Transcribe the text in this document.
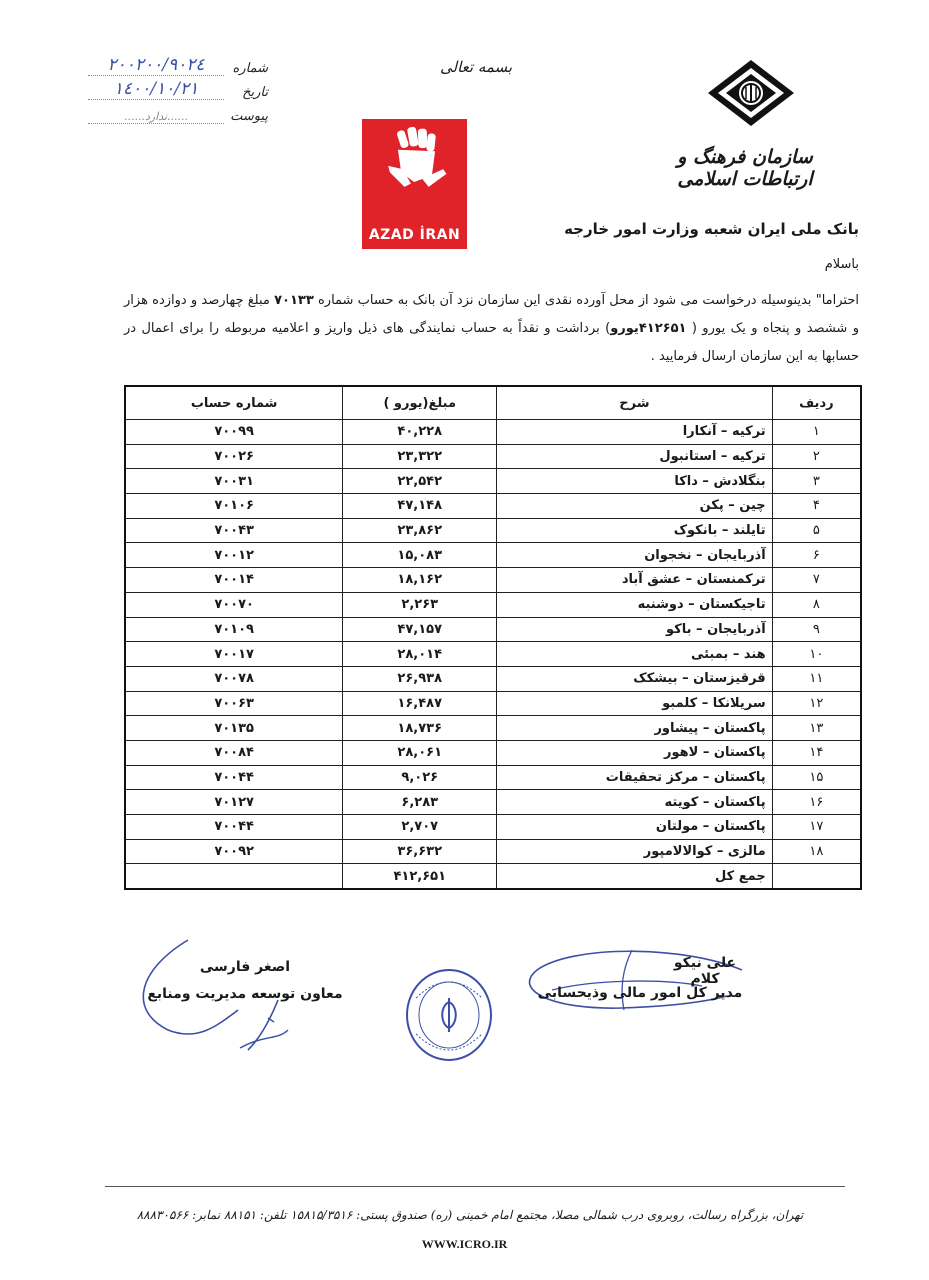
شماره
۲۰۰۲۰۰/۹۰۲٤
تاریخ
۱٤۰۰/۱۰/۲۱
پیوست
......ندارد......
بسمه تعالی
سازمان فرهنگ و ارتباطات اسلامی
AZAD İRAN	بانک ملی ایران شعبه وزارت امور خارجه
باسلام
احتراما" بدینوسیله درخواست می شود از محل آورده نقدی این سازمان نزد آن بانک به حساب شماره ۷۰۱۳۳ مبلغ چهارصد و دوازده هزار و ششصد و پنجاه و یک یورو ( ۴۱۲۶۵۱یورو) برداشت و نقداً به حساب نمایندگی های ذیل واریز و اعلامیه مربوطه را برای اعمال در حسابها به این سازمان ارسال فرمایید .
ردیف	شرح	مبلغ(یورو )	شماره حساب
۱	ترکیه – آنکارا	۴۰,۲۲۸	۷۰۰۹۹
۲	ترکیه – استانبول	۲۳,۳۲۲	۷۰۰۲۶
۳	بنگلادش – داکا	۲۲,۵۴۲	۷۰۰۳۱
۴	چین – پکن	۴۷,۱۴۸	۷۰۱۰۶
۵	تایلند – بانکوک	۲۳,۸۶۲	۷۰۰۴۳
۶	آذربایجان – نخجوان	۱۵,۰۸۳	۷۰۰۱۲
۷	ترکمنستان – عشق آباد	۱۸,۱۶۲	۷۰۰۱۴
۸	تاجیکستان – دوشنبه	۲,۲۶۳	۷۰۰۷۰
۹	آذربایجان – باکو	۴۷,۱۵۷	۷۰۱۰۹
۱۰	هند – بمبئی	۲۸,۰۱۴	۷۰۰۱۷
۱۱	قرقیزستان – بیشکک	۲۶,۹۳۸	۷۰۰۷۸
۱۲	سریلانکا – کلمبو	۱۶,۴۸۷	۷۰۰۶۳
۱۳	پاکستان – پیشاور	۱۸,۷۳۶	۷۰۱۳۵
۱۴	پاکستان – لاهور	۲۸,۰۶۱	۷۰۰۸۴
۱۵	پاکستان – مرکز تحقیقات	۹,۰۲۶	۷۰۰۴۴
۱۶	پاکستان – کویته	۶,۲۸۳	۷۰۱۲۷
۱۷	پاکستان – مولتان	۲,۷۰۷	۷۰۰۴۴
۱۸	مالزی – کوالالامپور	۳۶,۶۳۲	۷۰۰۹۲
	جمع کل	۴۱۲,۶۵۱	
اصغر فارسی
معاون توسعه مدیریت ومنابع
علی نیکو کلام
مدیر کل امور مالی وذیحسابی
تهران، بزرگراه رسالت، روبروی درب شمالی مصلا، مجتمع امام خمینی (ره) صندوق پستی: ۱۵۸۱۵/۳۵۱۶ تلفن: ۸۸۱۵۱ نمابر: ۸۸۸۳۰۵۶۶
WWW.ICRO.IR
